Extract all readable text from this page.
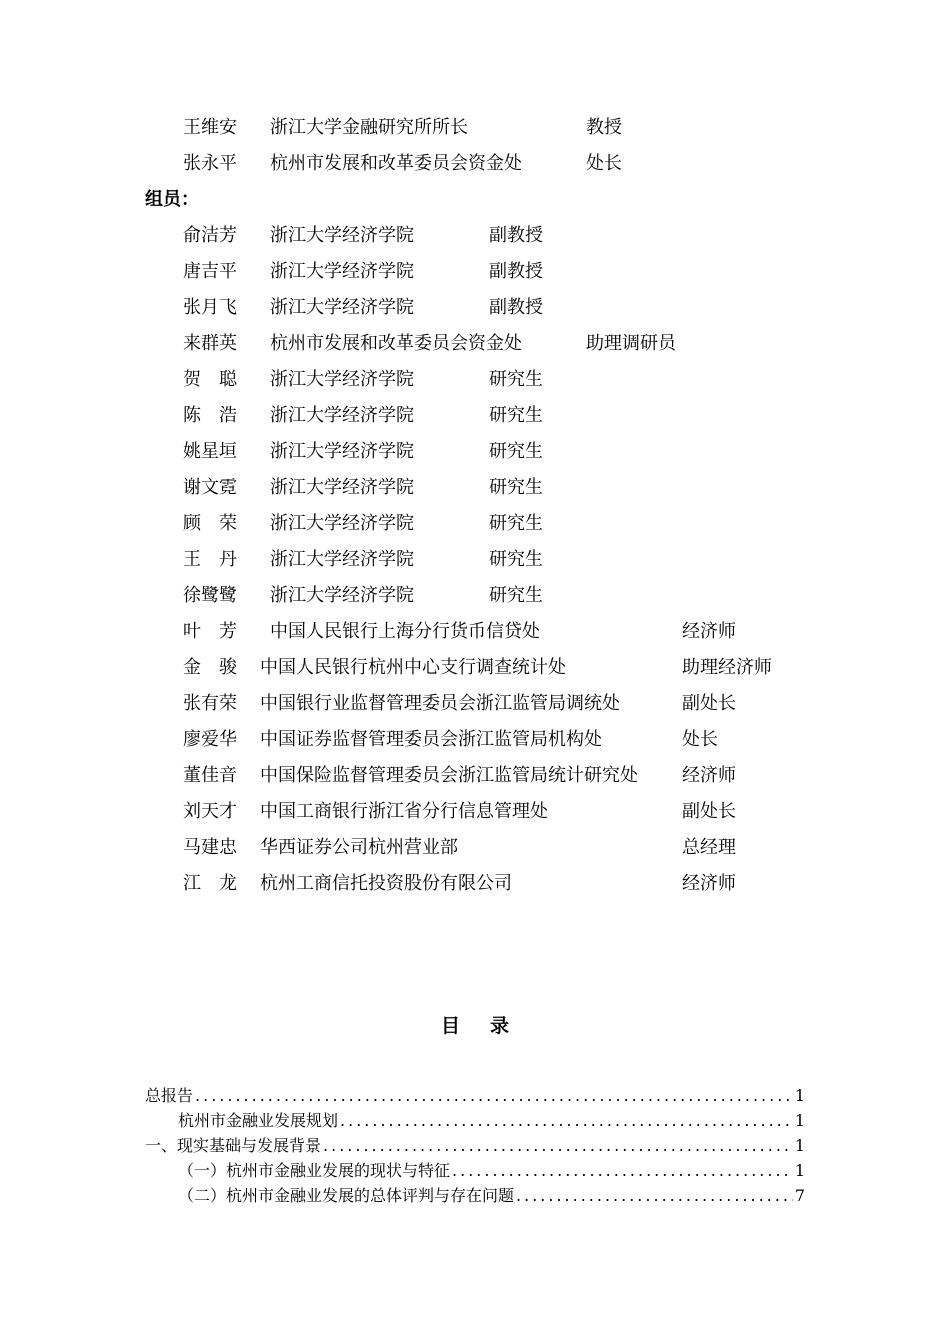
王维安 浙江大学金融研究所所长	教授
张永平 杭州市发展和改革委员会资金处	处长
组员：
俞洁芳 浙江大学经济学院	副教授
唐吉平 浙江大学经济学院	副教授
张月飞 浙江大学经济学院	副教授
来群英 杭州市发展和改革委员会资金处	助理调研员
贺　聪 浙江大学经济学院	研究生
陈　浩 浙江大学经济学院	研究生
姚星垣 浙江大学经济学院	研究生
谢文霓 浙江大学经济学院	研究生
顾　荣 浙江大学经济学院	研究生
王　丹 浙江大学经济学院	研究生
徐鹭鹭 浙江大学经济学院	研究生
叶　芳 中国人民银行上海分行货币信贷处	经济师
金　骏 中国人民银行杭州中心支行调查统计处	助理经济师
张有荣 中国银行业监督管理委员会浙江监管局调统处	副处长
廖爱华 中国证券监督管理委员会浙江监管局机构处	处长
董佳音 中国保险监督管理委员会浙江监管局统计研究处 经济师
刘天才 中国工商银行浙江省分行信息管理处	副处长
马建忠 华西证券公司杭州营业部	总经理
江　龙 杭州工商信托投资股份有限公司	经济师
目录
总报告 .....	1
杭州市金融业发展规划 .....	1
一、现实基础与发展背景 .....	1
（一）杭州市金融业发展的现状与特征 .....	1
（二）杭州市金融业发展的总体评判与存在问题 .....	7
